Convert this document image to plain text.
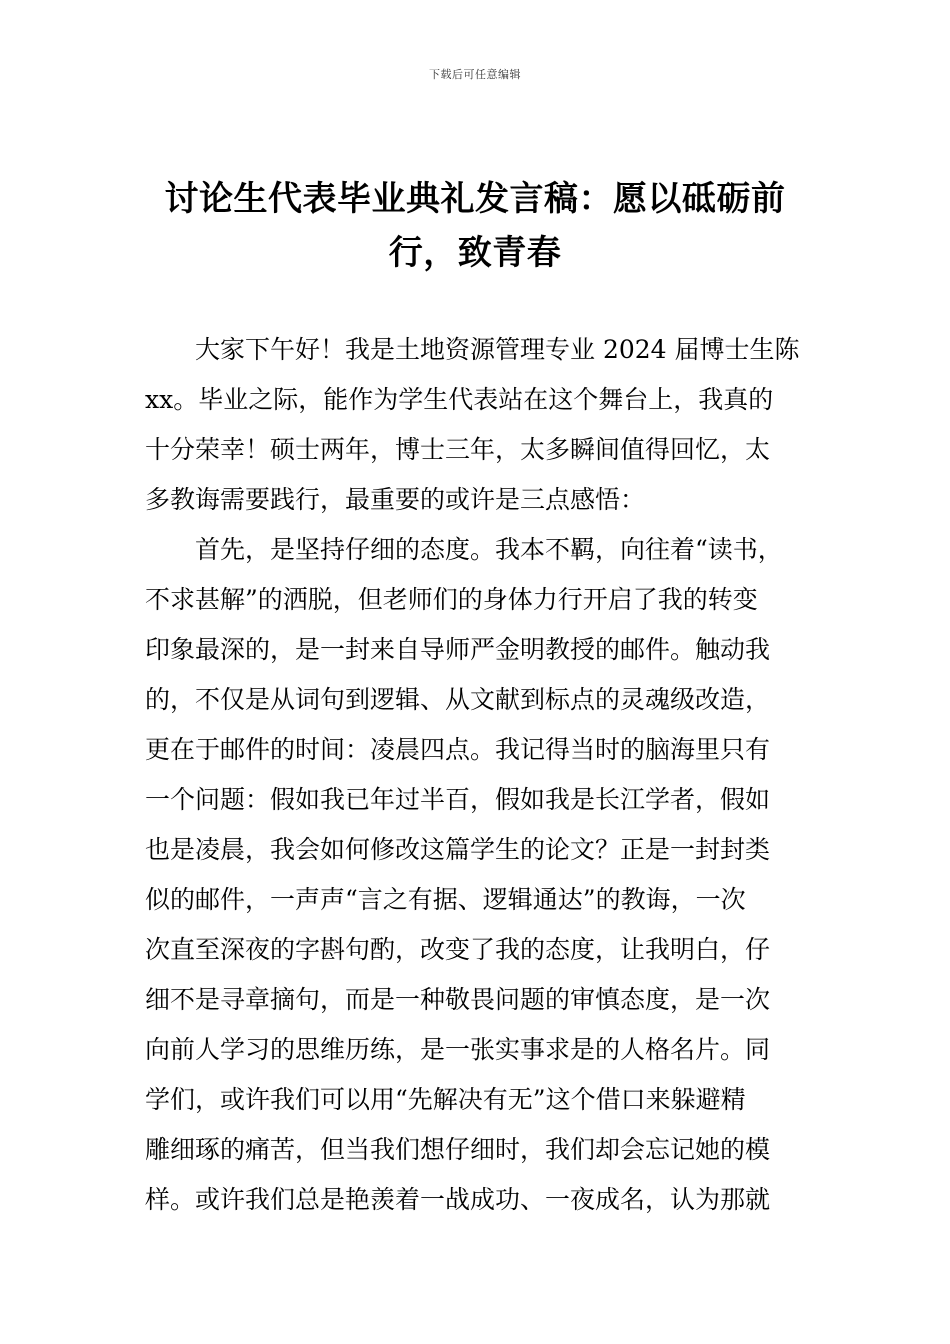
下载后可任意编辑
讨论生代表毕业典礼发言稿：愿以砥砺前
行，致青春
大家下午好！我是土地资源管理专业 2024 届博士生陈
xx。毕业之际，能作为学生代表站在这个舞台上，我真的
十分荣幸！硕士两年，博士三年，太多瞬间值得回忆，太
多教诲需要践行，最重要的或许是三点感悟：
首先，是坚持仔细的态度。我本不羁，向往着“读书，
不求甚解”的洒脱，但老师们的身体力行开启了我的转变
印象最深的，是一封来自导师严金明教授的邮件。触动我
的，不仅是从词句到逻辑、从文献到标点的灵魂级改造，
更在于邮件的时间：凌晨四点。我记得当时的脑海里只有
一个问题：假如我已年过半百，假如我是长江学者，假如
也是凌晨，我会如何修改这篇学生的论文？正是一封封类
似的邮件，一声声“言之有据、逻辑通达”的教诲，一次
次直至深夜的字斟句酌，改变了我的态度，让我明白，仔
细不是寻章摘句，而是一种敬畏问题的审慎态度，是一次
向前人学习的思维历练，是一张实事求是的人格名片。同
学们，或许我们可以用“先解决有无”这个借口来躲避精
雕细琢的痛苦，但当我们想仔细时，我们却会忘记她的模
样。或许我们总是艳羡着一战成功、一夜成名，认为那就
